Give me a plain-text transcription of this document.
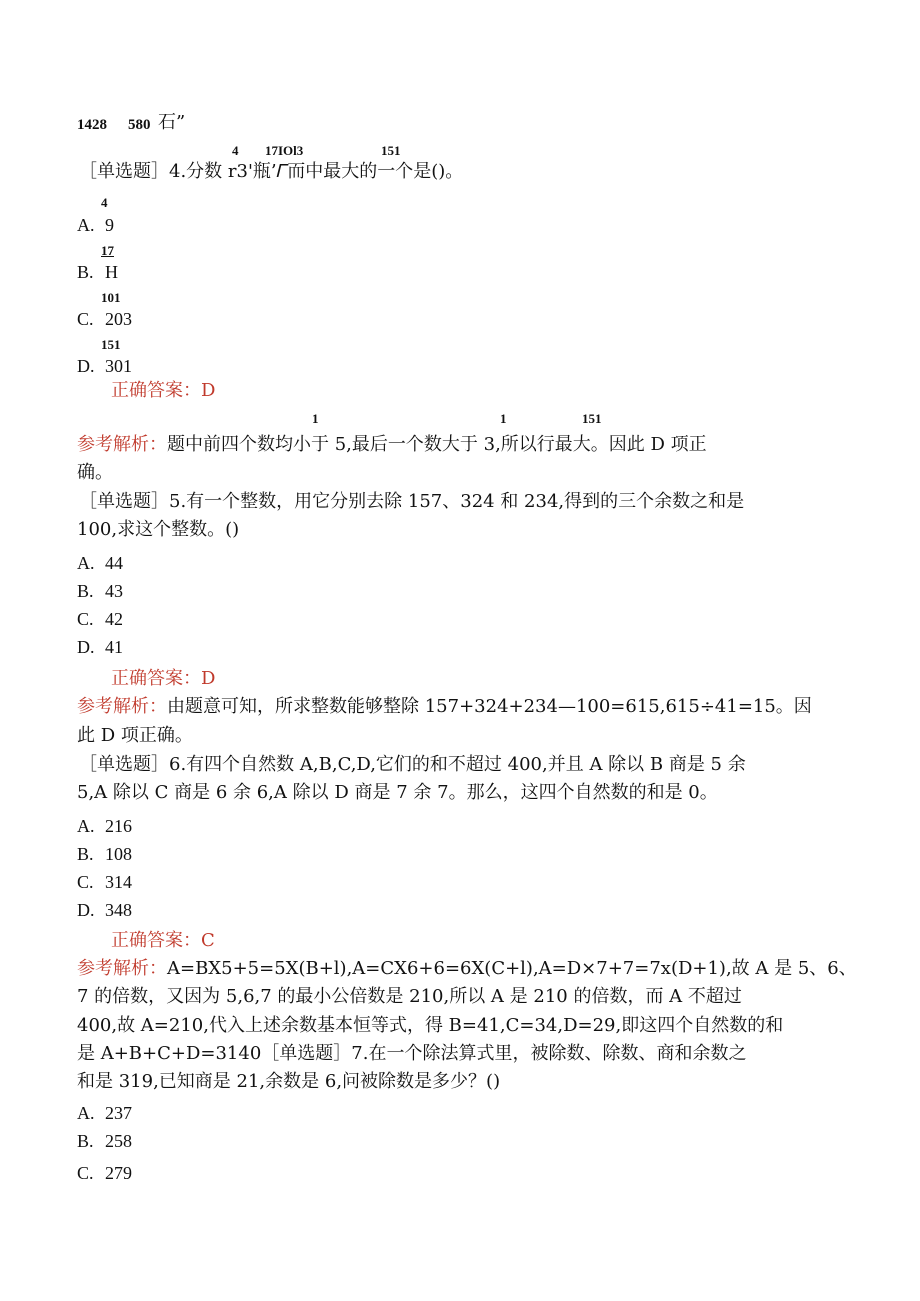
1428 580 石”
4 17IOl3	151
［单选题］4.分数 r3'瓶’𝛤而中最大的一个是()。
4
A. 9
17
B. H
101
C. 203
151
D. 301
正确答案：D
1	1	151
参考解析：题中前四个数均小于 5,最后一个数大于 3,所以行最大。因此 D 项正
确。
［单选题］5.有一个整数，用它分别去除 157、324 和 234,得到的三个余数之和是
100,求这个整数。()
A. 44
B. 43
C. 42
D. 41
正确答案：D
参考解析：由题意可知，所求整数能够整除 157+324+234—100=615,615÷41=15。因
此 D 项正确。
［单选题］6.有四个自然数 A,B,C,D,它们的和不超过 400,并且 A 除以 B 商是 5 余
5,A 除以 C 商是 6 余 6,A 除以 D 商是 7 余 7。那么，这四个自然数的和是 0。
A. 216
B. 108
C. 314
D. 348
正确答案：C
参考解析：A=BX5+5=5X(B+l),A=CX6+6=6X(C+l),A=D×7+7=7x(D+1),故 A 是 5、6、
7 的倍数，又因为 5,6,7 的最小公倍数是 210,所以 A 是 210 的倍数，而 A 不超过
400,故 A=210,代入上述余数基本恒等式，得 B=41,C=34,D=29,即这四个自然数的和
是 A+B+C+D=3140［单选题］7.在一个除法算式里，被除数、除数、商和余数之
和是 319,已知商是 21,余数是 6,问被除数是多少？()
A. 237
B. 258
C. 279
